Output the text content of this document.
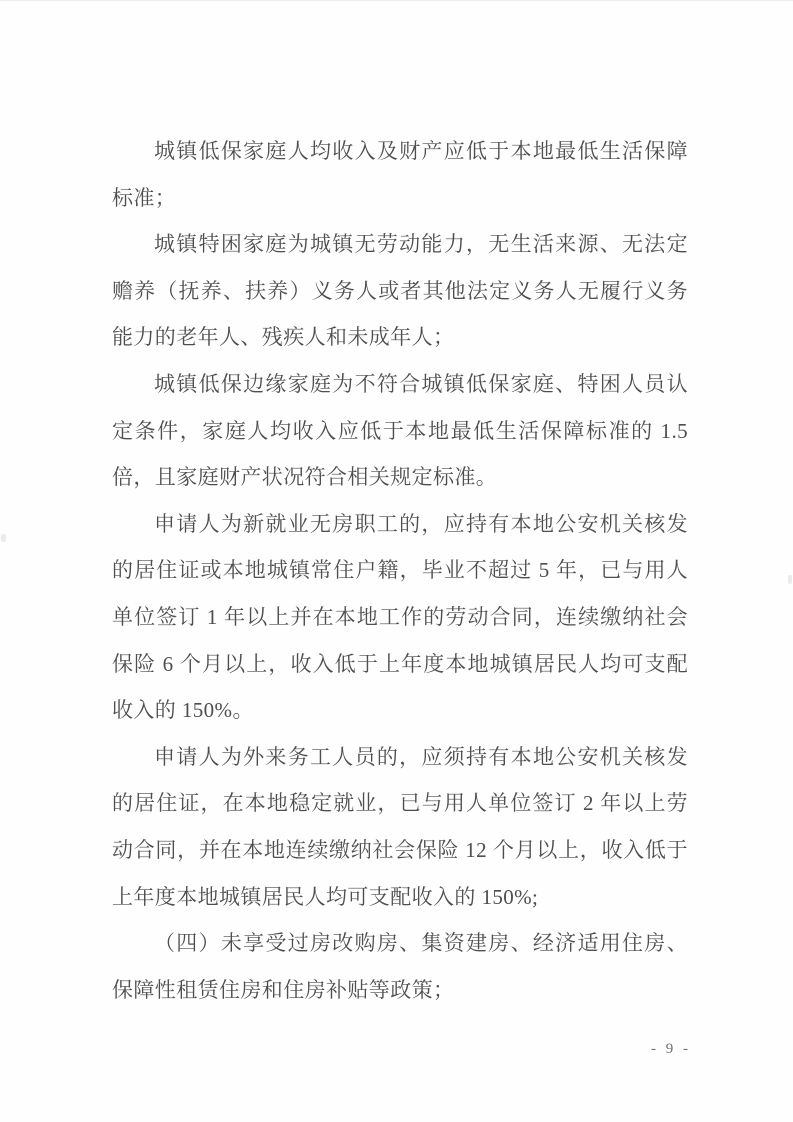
城镇低保家庭人均收入及财产应低于本地最低生活保障标准；

城镇特困家庭为城镇无劳动能力，无生活来源、无法定赡养（抚养、扶养）义务人或者其他法定义务人无履行义务能力的老年人、残疾人和未成年人；

城镇低保边缘家庭为不符合城镇低保家庭、特困人员认定条件，家庭人均收入应低于本地最低生活保障标准的 1.5 倍，且家庭财产状况符合相关规定标准。

申请人为新就业无房职工的，应持有本地公安机关核发的居住证或本地城镇常住户籍，毕业不超过 5 年，已与用人单位签订 1 年以上并在本地工作的劳动合同，连续缴纳社会保险 6 个月以上，收入低于上年度本地城镇居民人均可支配收入的 150%。

申请人为外来务工人员的，应须持有本地公安机关核发的居住证，在本地稳定就业，已与用人单位签订 2 年以上劳动合同，并在本地连续缴纳社会保险 12 个月以上，收入低于上年度本地城镇居民人均可支配收入的 150%;

（四）未享受过房改购房、集资建房、经济适用住房、保障性租赁住房和住房补贴等政策；

- 9 -
